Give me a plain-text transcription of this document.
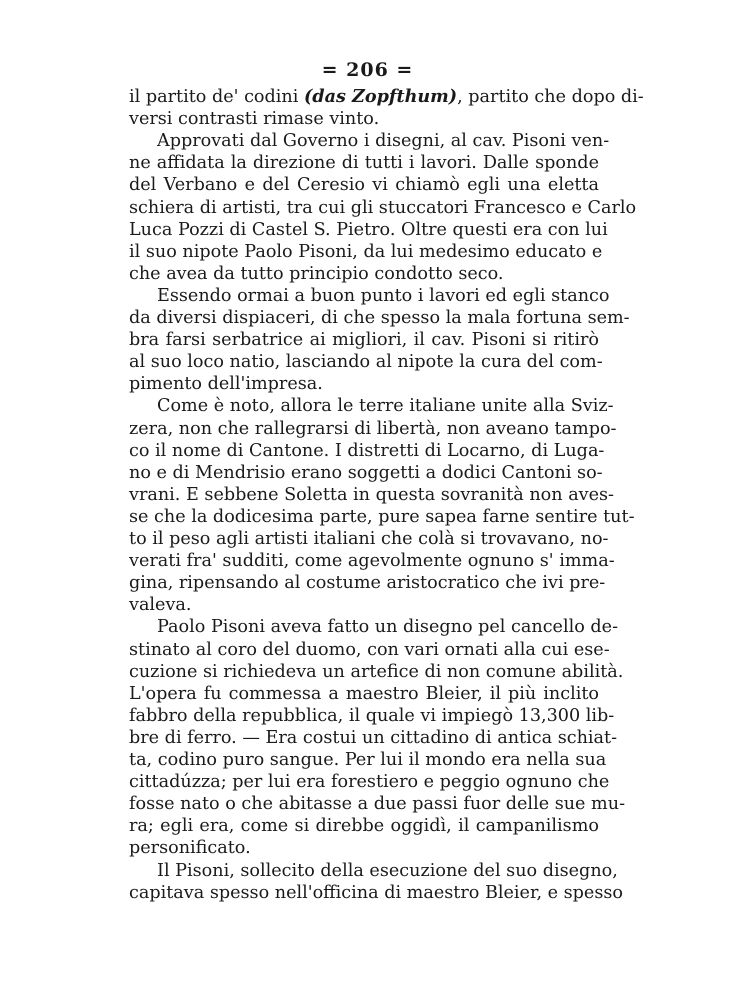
= 206 =
il partito de' codini (das Zopfthum), partito che dopo di-
versi contrasti rimase vinto.
Approvati dal Governo i disegni, al cav. Pisoni ven-
ne affidata la direzione di tutti i lavori. Dalle sponde
del Verbano e del Ceresio vi chiamò egli una eletta
schiera di artisti, tra cui gli stuccatori Francesco e Carlo
Luca Pozzi di Castel S. Pietro. Oltre questi era con lui
il suo nipote Paolo Pisoni, da lui medesimo educato e
che avea da tutto principio condotto seco.
Essendo ormai a buon punto i lavori ed egli stanco
da diversi dispiaceri, di che spesso la mala fortuna sem-
bra farsi serbatrice ai migliori, il cav. Pisoni si ritirò
al suo loco natio, lasciando al nipote la cura del com-
pimento dell'impresa.
Come è noto, allora le terre italiane unite alla Sviz-
zera, non che rallegrarsi di libertà, non aveano tampo-
co il nome di Cantone. I distretti di Locarno, di Luga-
no e di Mendrisio erano soggetti a dodici Cantoni so-
vrani. E sebbene Soletta in questa sovranità non aves-
se che la dodicesima parte, pure sapea farne sentire tut-
to il peso agli artisti italiani che colà si trovavano, no-
verati fra' sudditi, come agevolmente ognuno s' imma-
gina, ripensando al costume aristocratico che ivi pre-
valeva.
Paolo Pisoni aveva fatto un disegno pel cancello de-
stinato al coro del duomo, con vari ornati alla cui ese-
cuzione si richiedeva un artefice di non comune abilità.
L'opera fu commessa a maestro Bleier, il più inclito
fabbro della repubblica, il quale vi impiegò 13,300 lib-
bre di ferro. — Era costui un cittadino di antica schiat-
ta, codino puro sangue. Per lui il mondo era nella sua
cittadúzza; per lui era forestiero e peggio ognuno che
fosse nato o che abitasse a due passi fuor delle sue mu-
ra; egli era, come si direbbe oggidì, il campanilismo
personificato.
Il Pisoni, sollecito della esecuzione del suo disegno,
capitava spesso nell'officina di maestro Bleier, e spesso
